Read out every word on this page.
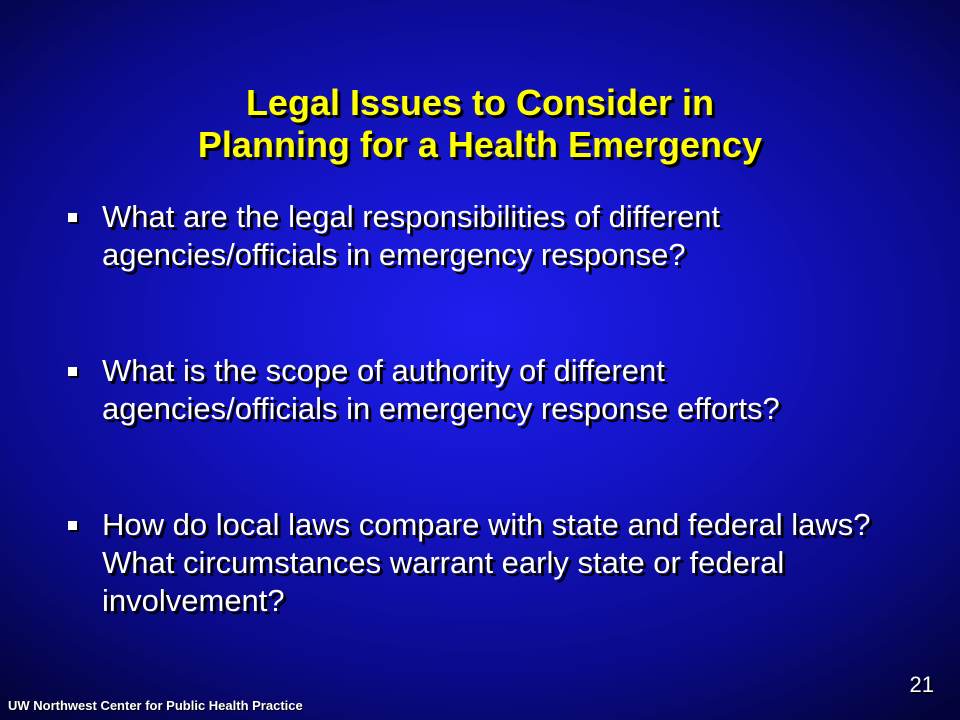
Legal Issues to Consider in
Planning for a Health Emergency
What are the legal responsibilities of different agencies/officials in emergency response?
What is the scope of authority of different agencies/officials in emergency response efforts?
How do local laws compare with state and federal laws? What circumstances warrant early state or federal involvement?
21
UW Northwest Center for Public Health Practice
